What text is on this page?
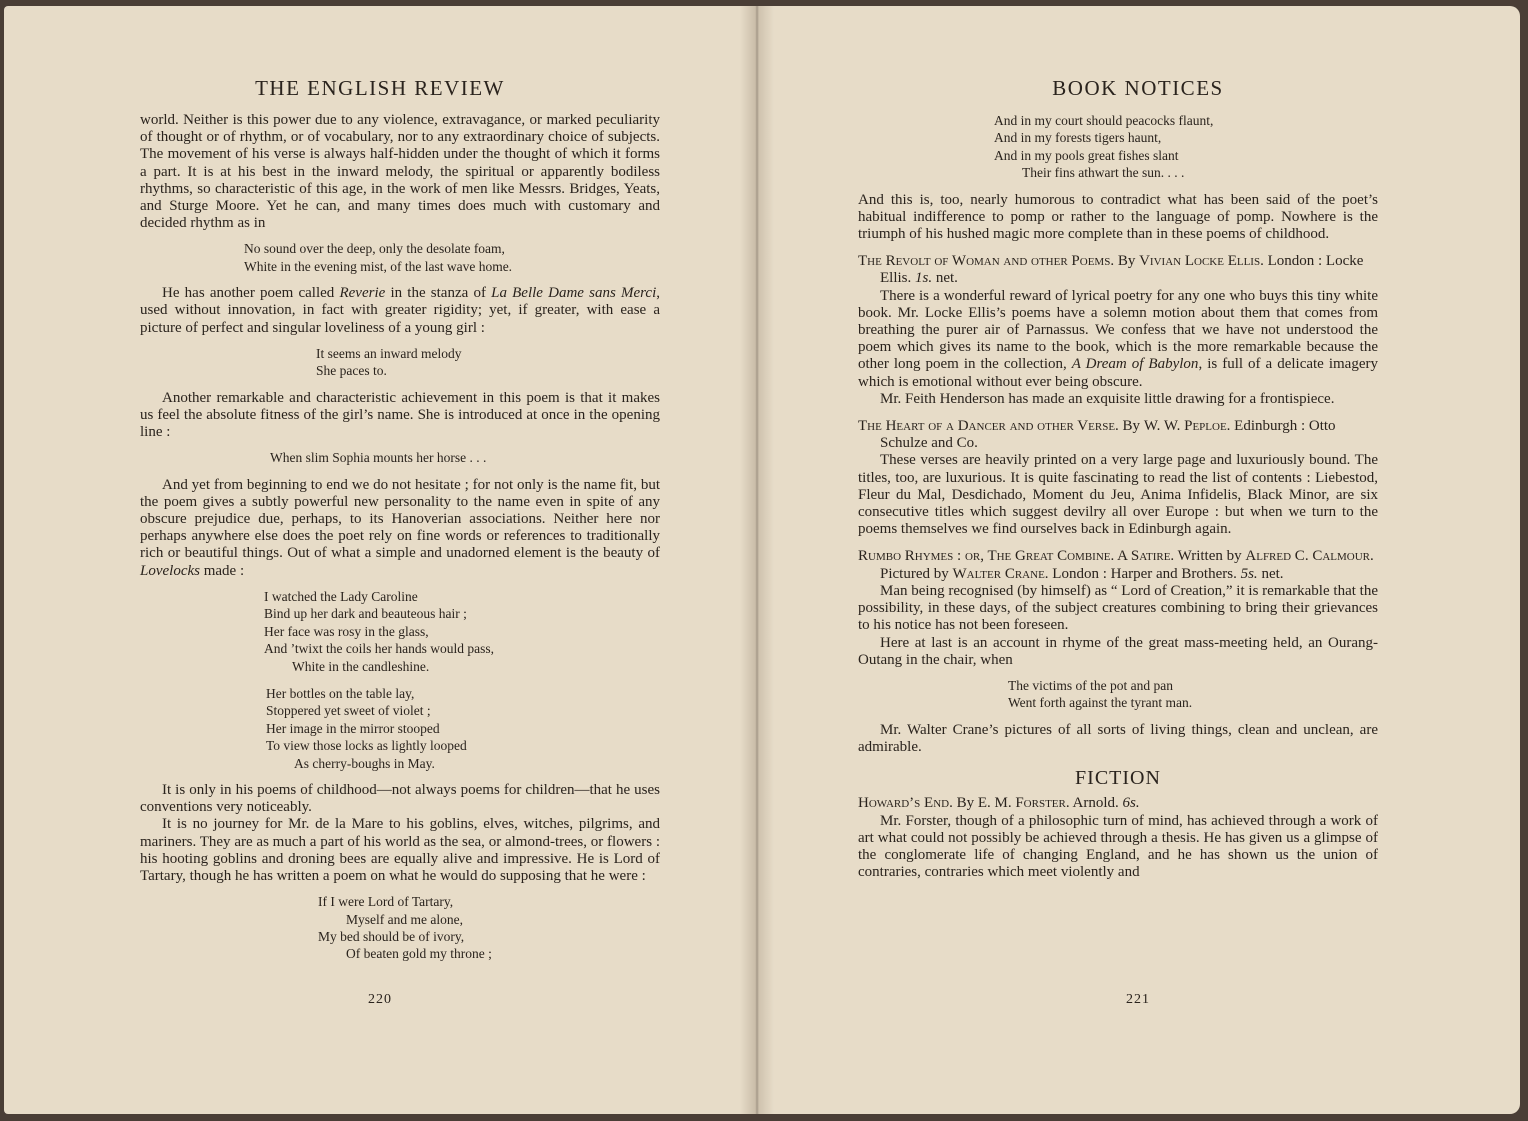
THE ENGLISH REVIEW

world. Neither is this power due to any violence, extravagance, or marked peculiarity of thought or of rhythm, or of vocabulary, nor to any extraordinary choice of subjects. The movement of his verse is always half-hidden under the thought of which it forms a part. It is at his best in the inward melody, the spiritual or apparently bodiless rhythms, so characteristic of this age, in the work of men like Messrs. Bridges, Yeats, and Sturge Moore. Yet he can, and many times does much with customary and decided rhythm as in

No sound over the deep, only the desolate foam,
White in the evening mist, of the last wave home.

He has another poem called Reverie in the stanza of La Belle Dame sans Merci, used without innovation, in fact with greater rigidity; yet, if greater, with ease a picture of perfect and singular loveliness of a young girl :

It seems an inward melody
She paces to.

Another remarkable and characteristic achievement in this poem is that it makes us feel the absolute fitness of the girl’s name. She is introduced at once in the opening line :

When slim Sophia mounts her horse . . .

And yet from beginning to end we do not hesitate ; for not only is the name fit, but the poem gives a subtly powerful new personality to the name even in spite of any obscure prejudice due, perhaps, to its Hanoverian associations. Neither here nor perhaps anywhere else does the poet rely on fine words or references to traditionally rich or beautiful things. Out of what a simple and unadorned element is the beauty of Lovelocks made :

I watched the Lady Caroline
Bind up her dark and beauteous hair ;
Her face was rosy in the glass,
And ’twixt the coils her hands would pass,
White in the candleshine.
Her bottles on the table lay,
Stoppered yet sweet of violet ;
Her image in the mirror stooped
To view those locks as lightly looped
As cherry-boughs in May.

It is only in his poems of childhood—not always poems for children—that he uses conventions very noticeably.

It is no journey for Mr. de la Mare to his goblins, elves, witches, pilgrims, and mariners. They are as much a part of his world as the sea, or almond-trees, or flowers : his hooting goblins and droning bees are equally alive and impressive. He is Lord of Tartary, though he has written a poem on what he would do supposing that he were :

If I were Lord of Tartary,
Myself and me alone,
My bed should be of ivory,
Of beaten gold my throne ;
220
BOOK NOTICES
And in my court should peacocks flaunt,
And in my forests tigers haunt,
And in my pools great fishes slant
Their fins athwart the sun. . . .

And this is, too, nearly humorous to contradict what has been said of the poet’s habitual indifference to pomp or rather to the language of pomp. Nowhere is the triumph of his hushed magic more complete than in these poems of childhood.

The Revolt of Woman and other Poems. By Vivian Locke Ellis. London : Locke Ellis. 1s. net.

There is a wonderful reward of lyrical poetry for any one who buys this tiny white book. Mr. Locke Ellis’s poems have a solemn motion about them that comes from breathing the purer air of Parnassus. We confess that we have not understood the poem which gives its name to the book, which is the more remarkable because the other long poem in the collection, A Dream of Babylon, is full of a delicate imagery which is emotional without ever being obscure.

Mr. Feith Henderson has made an exquisite little drawing for a frontispiece.

The Heart of a Dancer and other Verse. By W. W. Peploe. Edinburgh : Otto Schulze and Co.

These verses are heavily printed on a very large page and luxuriously bound. The titles, too, are luxurious. It is quite fascinating to read the list of contents : Liebestod, Fleur du Mal, Desdichado, Moment du Jeu, Anima Infidelis, Black Minor, are six consecutive titles which suggest devilry all over Europe : but when we turn to the poems themselves we find ourselves back in Edinburgh again.

Rumbo Rhymes : or, The Great Combine. A Satire. Written by Alfred C. Calmour. Pictured by Walter Crane. London : Harper and Brothers. 5s. net.

Man being recognised (by himself) as “ Lord of Creation,” it is remarkable that the possibility, in these days, of the subject creatures combining to bring their grievances to his notice has not been foreseen.

Here at last is an account in rhyme of the great mass-meeting held, an Ourang-Outang in the chair, when

The victims of the pot and pan
Went forth against the tyrant man.

Mr. Walter Crane’s pictures of all sorts of living things, clean and unclean, are admirable.

FICTION

Howard’s End. By E. M. Forster. Arnold. 6s.

Mr. Forster, though of a philosophic turn of mind, has achieved through a work of art what could not possibly be achieved through a thesis. He has given us a glimpse of the conglomerate life of changing England, and he has shown us the union of contraries, contraries which meet violently and

221
